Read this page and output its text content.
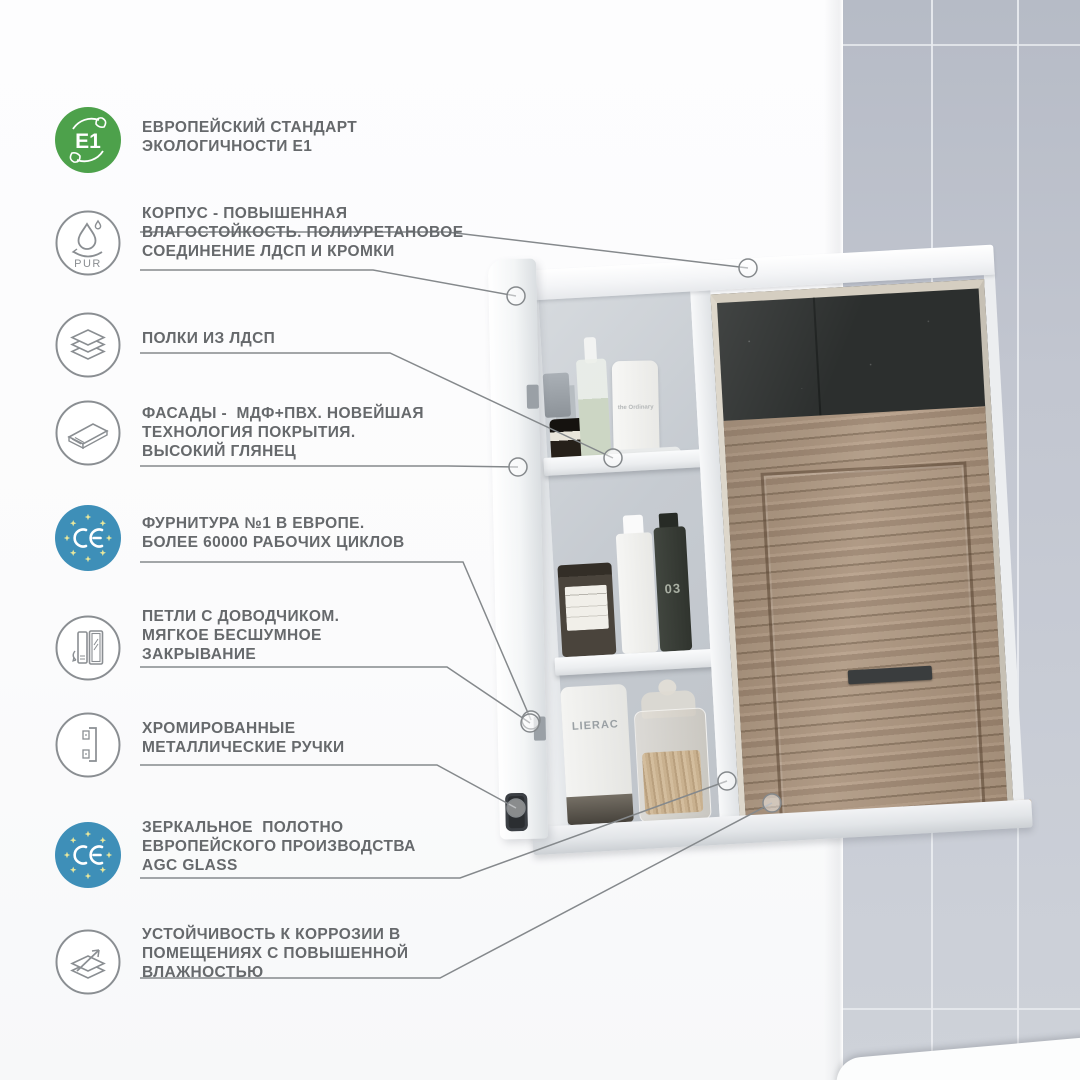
the Ordinary
03
LIERAC
E1
ЕВРОПЕЙСКИЙ СТАНДАРТ
ЭКОЛОГИЧНОСТИ Е1
PUR
КОРПУС - ПОВЫШЕННАЯ
ВЛАГОСТОЙКОСТЬ. ПОЛИУРЕТАНОВОЕ
СОЕДИНЕНИЕ ЛДСП И КРОМКИ
ПОЛКИ ИЗ ЛДСП
ФАСАДЫ -  МДФ+ПВХ. НОВЕЙШАЯ
ТЕХНОЛОГИЯ ПОКРЫТИЯ.
ВЫСОКИЙ ГЛЯНЕЦ
ФУРНИТУРА №1 В ЕВРОПЕ.
БОЛЕЕ 60000 РАБОЧИХ ЦИКЛОВ
ПЕТЛИ С ДОВОДЧИКОМ.
МЯГКОЕ БЕСШУМНОЕ
ЗАКРЫВАНИЕ
ХРОМИРОВАННЫЕ
МЕТАЛЛИЧЕСКИЕ РУЧКИ
ЗЕРКАЛЬНОЕ  ПОЛОТНО
ЕВРОПЕЙСКОГО ПРОИЗВОДСТВА
AGC GLASS
УСТОЙЧИВОСТЬ К КОРРОЗИИ В
ПОМЕЩЕНИЯХ С ПОВЫШЕННОЙ
ВЛАЖНОСТЬЮ
